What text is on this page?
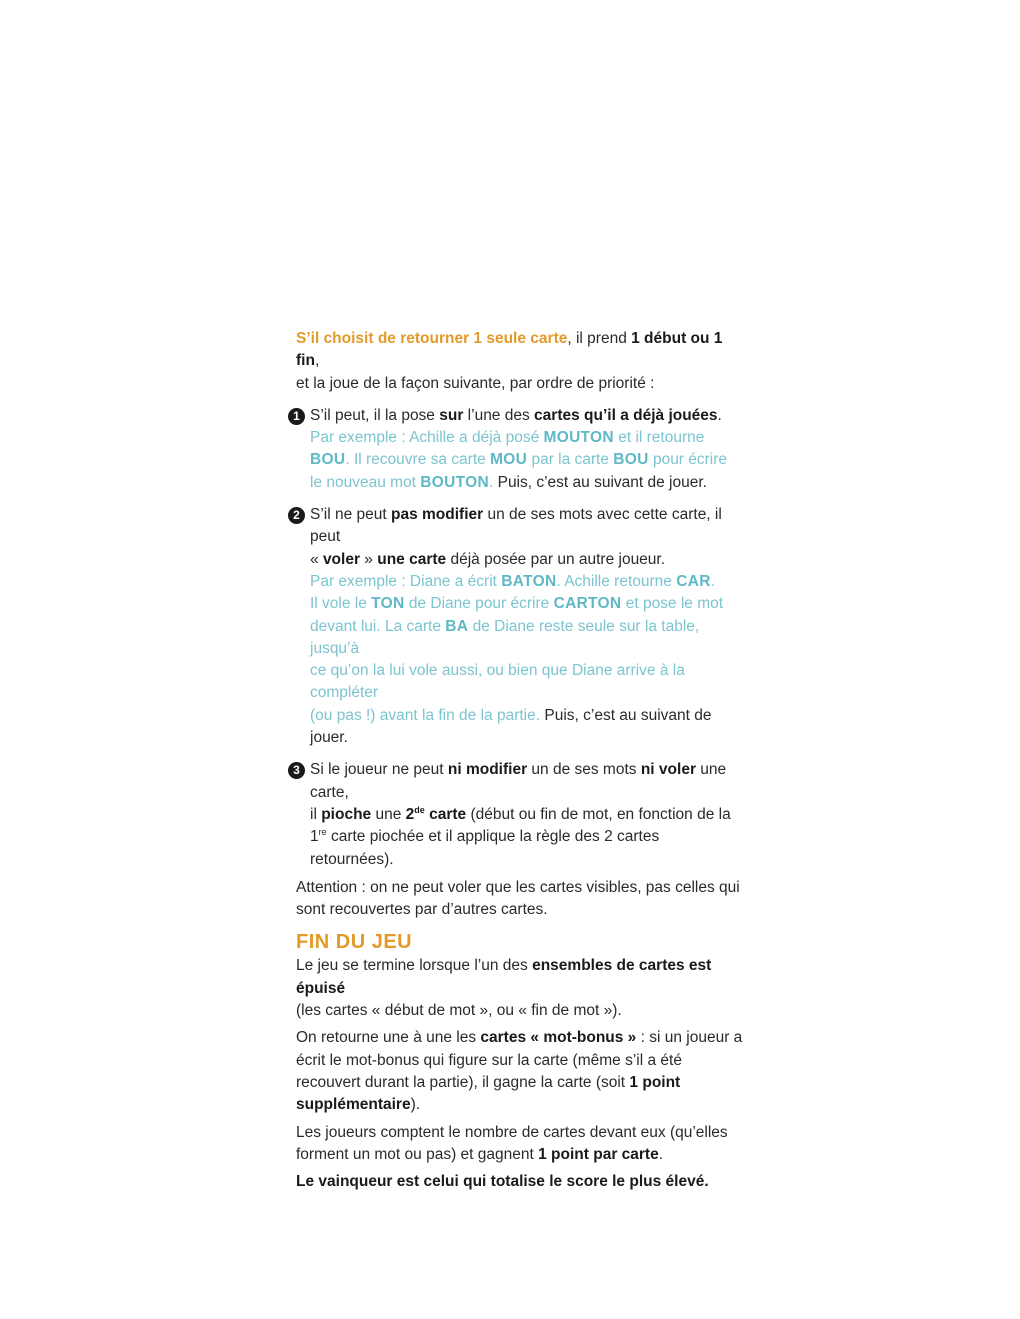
S’il choisit de retourner 1 seule carte, il prend 1 début ou 1 fin,
et la joue de la façon suivante, par ordre de priorité :

1 S’il peut, il la pose sur l’une des cartes qu’il a déjà jouées.
Par exemple : Achille a déjà posé MOUTON et il retourne
BOU. Il recouvre sa carte MOU par la carte BOU pour écrire
le nouveau mot BOUTON. Puis, c’est au suivant de jouer.
2 S’il ne peut pas modifier un de ses mots avec cette carte, il peut
« voler » une carte déjà posée par un autre joueur.
Par exemple : Diane a écrit BATON. Achille retourne CAR.
Il vole le TON de Diane pour écrire CARTON et pose le mot
devant lui. La carte BA de Diane reste seule sur la table, jusqu’à
ce qu’on la lui vole aussi, ou bien que Diane arrive à la compléter
(ou pas !) avant la fin de la partie. Puis, c’est au suivant de jouer.
3 Si le joueur ne peut ni modifier un de ses mots ni voler une carte,
il pioche une 2de carte (début ou fin de mot, en fonction de la
1re carte piochée et il applique la règle des 2 cartes retournées).

Attention : on ne peut voler que les cartes visibles, pas celles qui sont recouvertes par d’autres cartes.

FIN DU JEU

Le jeu se termine lorsque l’un des ensembles de cartes est épuisé
(les cartes « début de mot », ou « fin de mot »).

On retourne une à une les cartes « mot-bonus » : si un joueur a écrit le mot-bonus qui figure sur la carte (même s’il a été recouvert durant la partie), il gagne la carte (soit 1 point supplémentaire).

Les joueurs comptent le nombre de cartes devant eux (qu’elles forment un mot ou pas) et gagnent 1 point par carte.

Le vainqueur est celui qui totalise le score le plus élevé.
